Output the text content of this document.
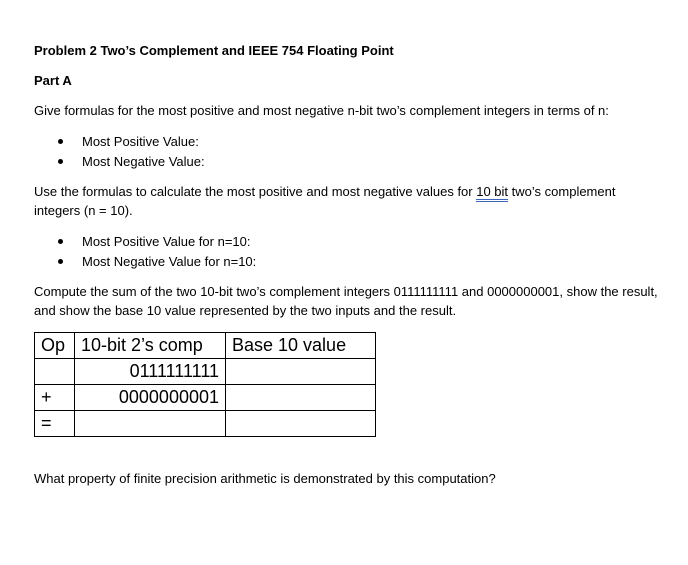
Problem 2 Two’s Complement and IEEE 754 Floating Point
Part A
Give formulas for the most positive and most negative n-bit two’s complement integers in terms of n:
Most Positive Value:
Most Negative Value:
Use the formulas to calculate the most positive and most negative values for 10 bit two’s complement integers (n = 10).
Most Positive Value for n=10:
Most Negative Value for n=10:
Compute the sum of the two 10-bit two’s complement integers 0111111111 and 0000000001, show the result, and show the base 10 value represented by the two inputs and the result.
What property of finite precision arithmetic is demonstrated by this computation?
Op	10-bit 2’s comp	Base 10 value
	0111111111	
+	0000000001	
=		
